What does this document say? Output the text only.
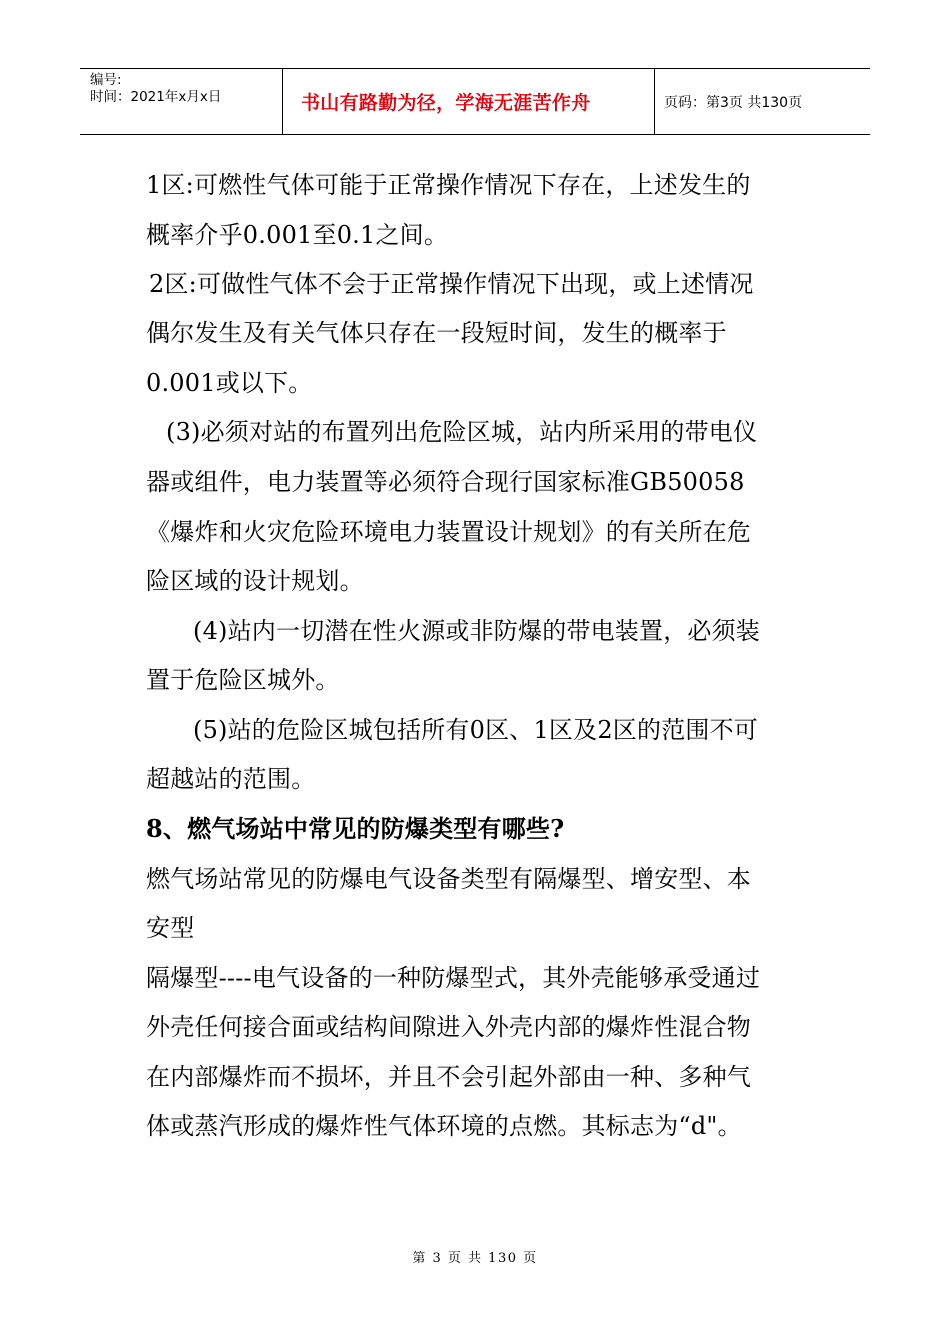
编号:
时间：2021年x月x日	书山有路勤为径，学海无涯苦作舟	页码：第3页 共130页
1区:可燃性气体可能于正常操作情况下存在，上述发生的
概率介乎0.001至0.1之间。
2区:可做性气体不会于正常操作情况下出现，或上述情况
偶尔发生及有关气体只存在一段短时间，发生的概率于
0.001或以下。
(3)必须对站的布置列出危险区城，站内所采用的带电仪
器或组件，电力装置等必须符合现行国家标准GB50058
《爆炸和火灾危险环境电力装置设计规划》的有关所在危
险区域的设计规划。
(4)站内一切潜在性火源或非防爆的带电装置，必须装
置于危险区城外。
(5)站的危险区城包括所有0区、1区及2区的范围不可
超越站的范围。
8、燃气场站中常见的防爆类型有哪些?
燃气场站常见的防爆电气设备类型有隔爆型、增安型、本
安型
隔爆型----电气设备的一种防爆型式，其外壳能够承受通过
外壳任何接合面或结构间隙进入外壳内部的爆炸性混合物
在内部爆炸而不损坏，并且不会引起外部由一种、多种气
体或蒸汽形成的爆炸性气体环境的点燃。其标志为“d"。
第 3 页 共 130 页
